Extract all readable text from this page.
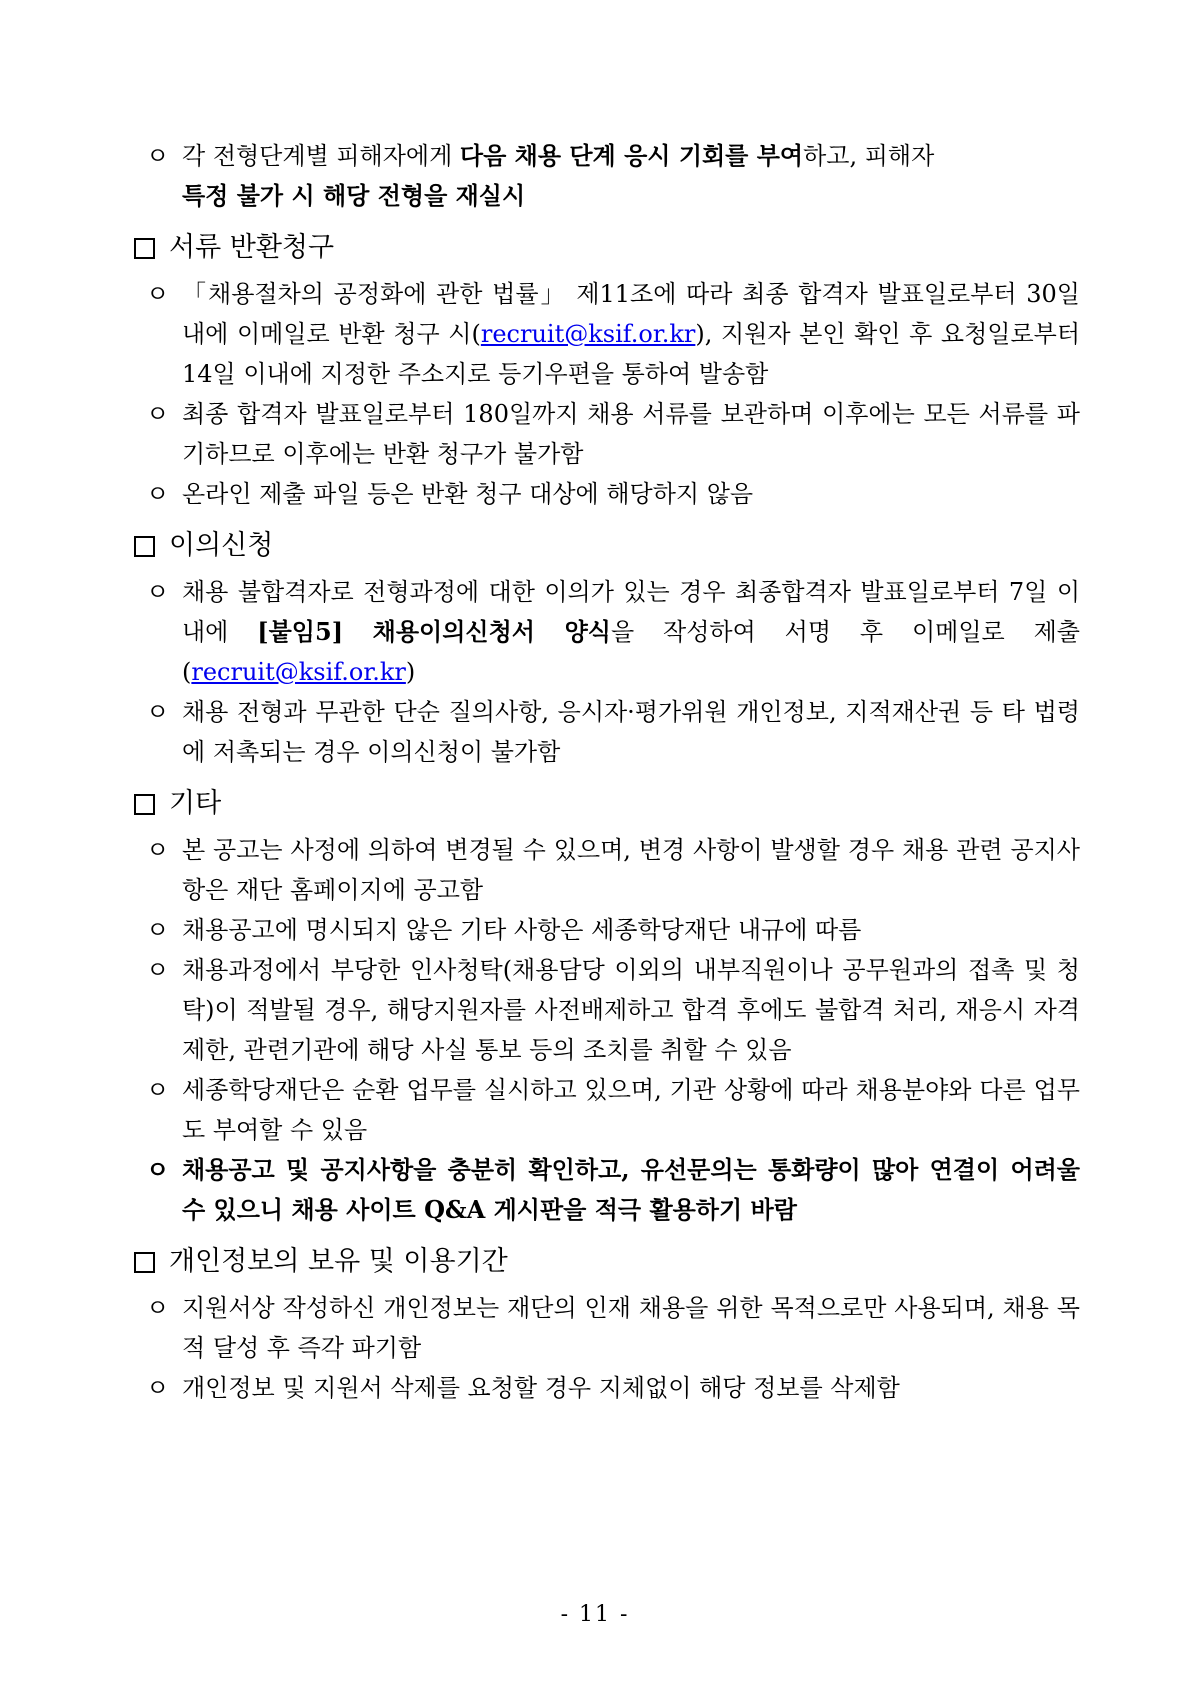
ㅇ 각 전형단계별 피해자에게 다음 채용 단계 응시 기회를 부여하고, 피해자
특정 불가 시 해당 전형을 재실시
서류 반환청구
ㅇ 「채용절차의 공정화에 관한 법률」 제11조에 따라 최종 합격자 발표일로부터 30일 내에 이메일로 반환 청구 시(recruit@ksif.or.kr), 지원자 본인 확인 후 요청일로부터 14일 이내에 지정한 주소지로 등기우편을 통하여 발송함
ㅇ 최종 합격자 발표일로부터 180일까지 채용 서류를 보관하며 이후에는 모든 서류를 파기하므로 이후에는 반환 청구가 불가함
ㅇ 온라인 제출 파일 등은 반환 청구 대상에 해당하지 않음
이의신청
ㅇ 채용 불합격자로 전형과정에 대한 이의가 있는 경우 최종합격자 발표일로부터 7일 이내에 [붙임5] 채용이의신청서 양식을 작성하여 서명 후 이메일로 제출(recruit@ksif.or.kr)
ㅇ 채용 전형과 무관한 단순 질의사항, 응시자·평가위원 개인정보, 지적재산권 등 타 법령에 저촉되는 경우 이의신청이 불가함
기타
ㅇ 본 공고는 사정에 의하여 변경될 수 있으며, 변경 사항이 발생할 경우 채용 관련 공지사항은 재단 홈페이지에 공고함
ㅇ 채용공고에 명시되지 않은 기타 사항은 세종학당재단 내규에 따름
ㅇ 채용과정에서 부당한 인사청탁(채용담당 이외의 내부직원이나 공무원과의 접촉 및 청탁)이 적발될 경우, 해당지원자를 사전배제하고 합격 후에도 불합격 처리, 재응시 자격 제한, 관련기관에 해당 사실 통보 등의 조치를 취할 수 있음
ㅇ 세종학당재단은 순환 업무를 실시하고 있으며, 기관 상황에 따라 채용분야와 다른 업무도 부여할 수 있음
ㅇ 채용공고 및 공지사항을 충분히 확인하고, 유선문의는 통화량이 많아 연결이 어려울 수 있으니 채용 사이트 Q&A 게시판을 적극 활용하기 바람
개인정보의 보유 및 이용기간
ㅇ 지원서상 작성하신 개인정보는 재단의 인재 채용을 위한 목적으로만 사용되며, 채용 목적 달성 후 즉각 파기함
ㅇ 개인정보 및 지원서 삭제를 요청할 경우 지체없이 해당 정보를 삭제함
- 11 -
